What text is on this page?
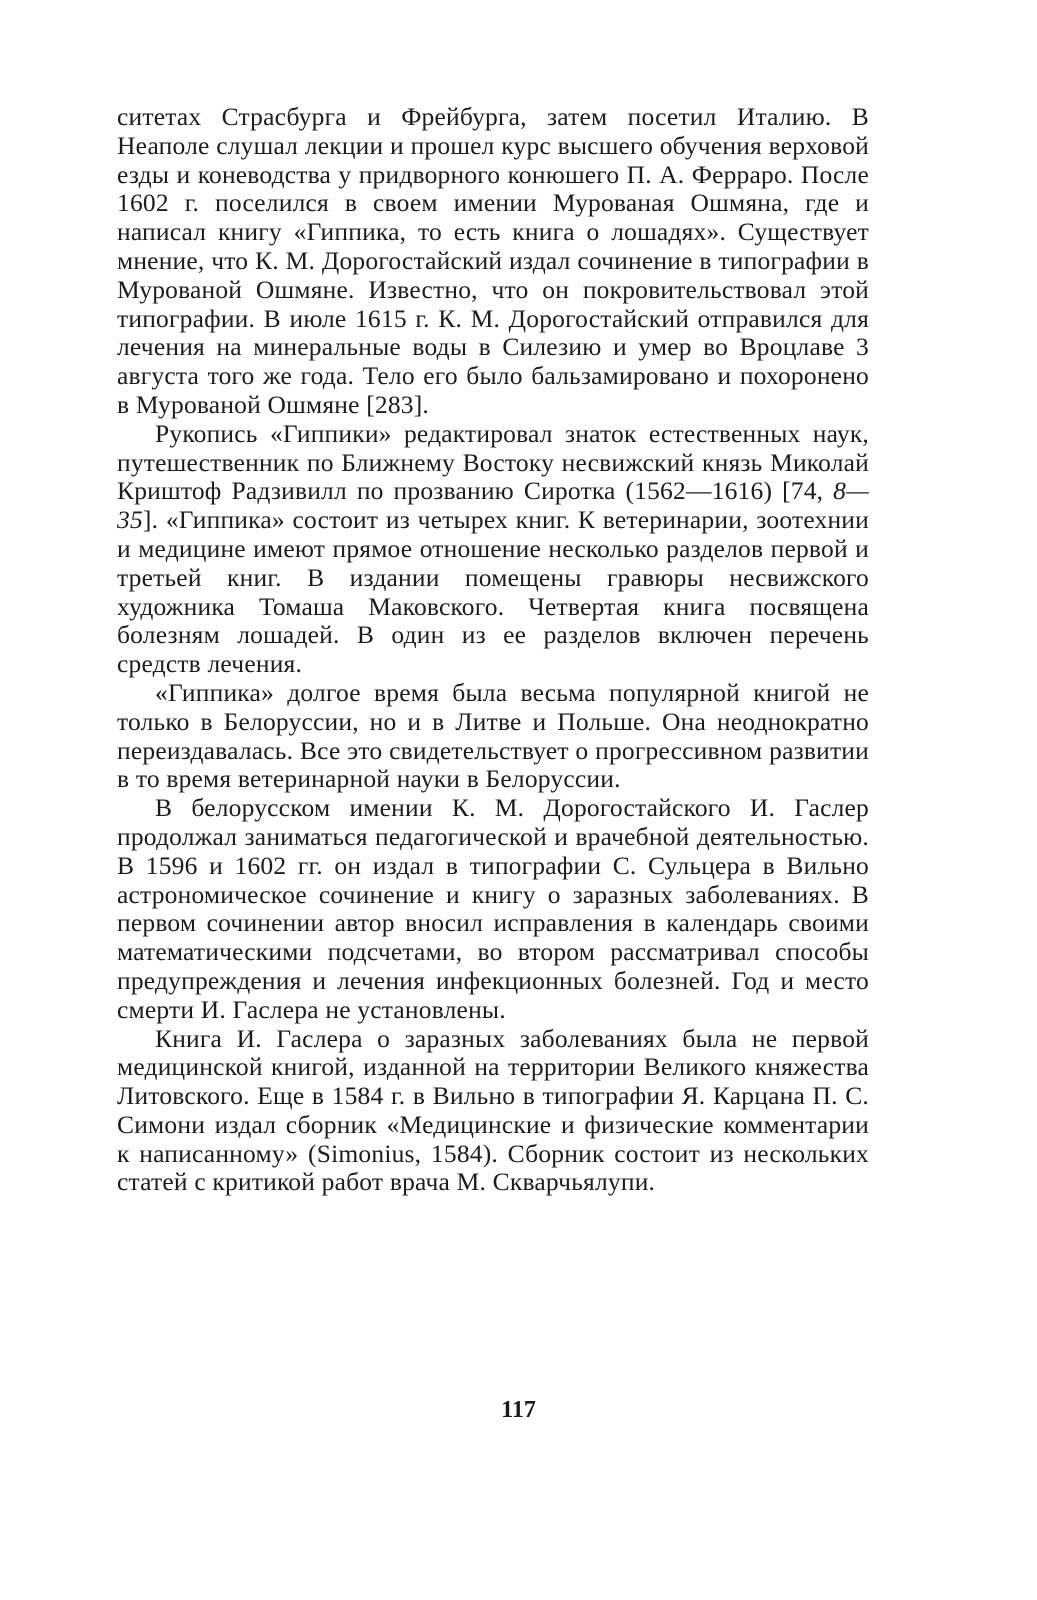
ситетах Страсбурга и Фрейбурга, затем посетил Италию. В Неаполе слушал лекции и прошел курс высшего обучения верховой езды и коневодства у придворного конюшего П. А. Ферраро. После 1602 г. поселился в своем имении Мурованая Ошмяна, где и написал книгу «Гиппика, то есть книга о лошадях». Существует мнение, что К. М. Дорогостайский издал сочинение в типографии в Мурованой Ошмяне. Известно, что он покровительствовал этой типографии. В июле 1615 г. К. М. Дорогостайский отправился для лечения на минеральные воды в Силезию и умер во Вроцлаве 3 августа того же года. Тело его было бальзамировано и похоронено в Мурованой Ошмяне [283].

Рукопись «Гиппики» редактировал знаток естественных наук, путешественник по Ближнему Востоку несвижский князь Миколай Криштоф Радзивилл по прозванию Сиротка (1562—1616) [74, 8—35]. «Гиппика» состоит из четырех книг. К ветеринарии, зоотехнии и медицине имеют прямое отношение несколько разделов первой и третьей книг. В издании помещены гравюры несвижского художника Томаша Маковского. Четвертая книга посвящена болезням лошадей. В один из ее разделов включен перечень средств лечения.

«Гиппика» долгое время была весьма популярной книгой не только в Белоруссии, но и в Литве и Польше. Она неоднократно переиздавалась. Все это свидетельствует о прогрессивном развитии в то время ветеринарной науки в Белоруссии.

В белорусском имении К. М. Дорогостайского И. Гаслер продолжал заниматься педагогической и врачебной деятельностью. В 1596 и 1602 гг. он издал в типографии С. Сульцера в Вильно астрономическое сочинение и книгу о заразных заболеваниях. В первом сочинении автор вносил исправления в календарь своими математическими подсчетами, во втором рассматривал способы предупреждения и лечения инфекционных болезней. Год и место смерти И. Гаслера не установлены.

Книга И. Гаслера о заразных заболеваниях была не первой медицинской книгой, изданной на территории Великого княжества Литовского. Еще в 1584 г. в Вильно в типографии Я. Карцана П. С. Симони издал сборник «Медицинские и физические комментарии к написанному» (Simonius, 1584). Сборник состоит из нескольких статей с критикой работ врача М. Скварчьялупи.

117
